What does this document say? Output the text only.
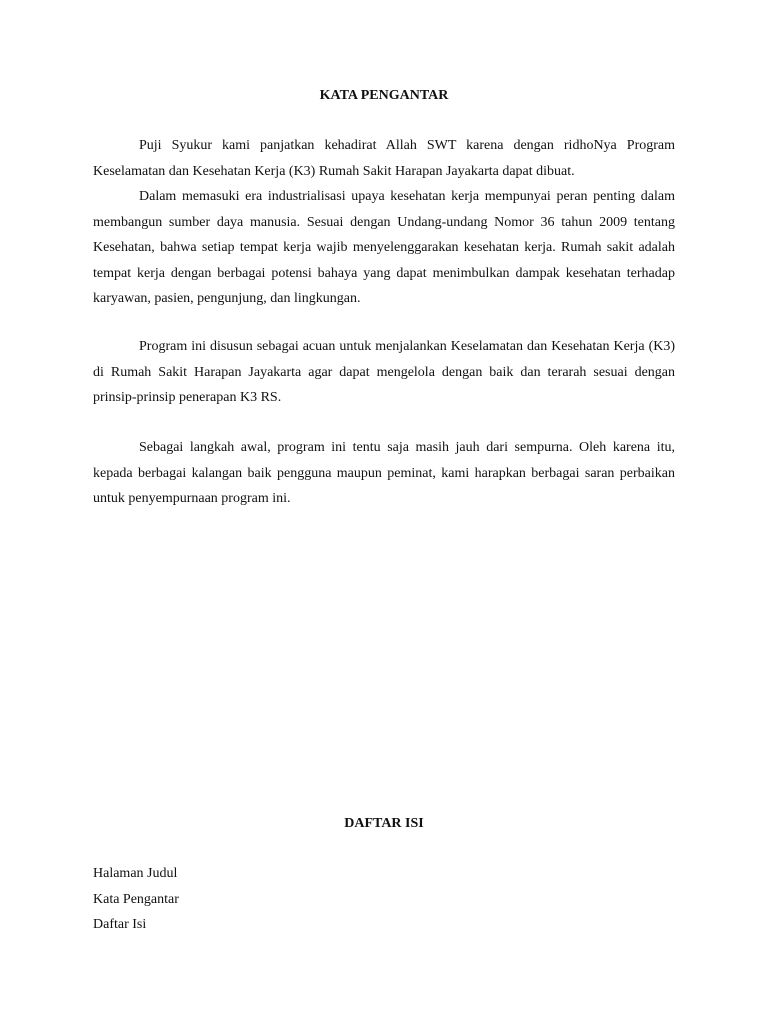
KATA PENGANTAR

Puji Syukur kami panjatkan kehadirat Allah SWT karena dengan ridhoNya Program Keselamatan dan Kesehatan Kerja (K3) Rumah Sakit Harapan Jayakarta dapat dibuat.

Dalam memasuki era industrialisasi upaya kesehatan kerja mempunyai peran penting dalam membangun sumber daya manusia. Sesuai dengan Undang-undang Nomor 36 tahun 2009 tentang Kesehatan, bahwa setiap tempat kerja wajib menyelenggarakan kesehatan kerja. Rumah sakit adalah tempat kerja dengan berbagai potensi bahaya yang dapat menimbulkan dampak kesehatan terhadap karyawan, pasien, pengunjung, dan lingkungan.

Program ini disusun sebagai acuan untuk menjalankan Keselamatan dan Kesehatan Kerja (K3) di Rumah Sakit Harapan Jayakarta agar dapat mengelola dengan baik dan terarah sesuai dengan prinsip-prinsip penerapan K3 RS.

Sebagai langkah awal, program ini tentu saja masih jauh dari sempurna. Oleh karena itu, kepada berbagai kalangan baik pengguna maupun peminat, kami harapkan berbagai saran perbaikan untuk penyempurnaan program ini.

DAFTAR ISI
Halaman Judul
Kata Pengantar
Daftar Isi
